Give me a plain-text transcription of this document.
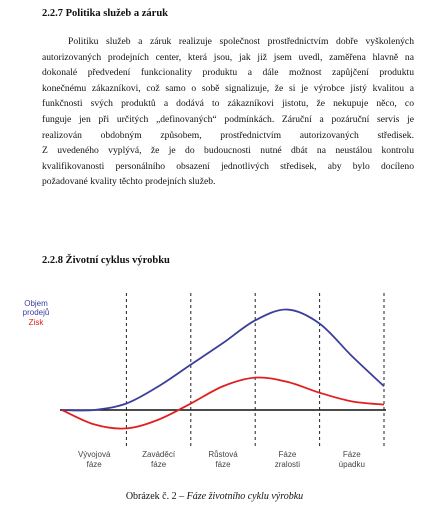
2.2.7 Politika služeb a záruk
Politiku služeb a záruk realizuje společnost prostřednictvím dobře vyškolených
autorizovaných prodejních center, která jsou, jak již jsem uvedl, zaměřena hlavně na
dokonalé předvedení funkcionality produktu a dále možnost zapůjčení produktu
konečnému zákazníkovi, což samo o sobě signalizuje, že si je výrobce jistý kvalitou a
funkčnosti svých produktů a dodává to zákazníkovi jistotu, že nekupuje něco, co
funguje jen při určitých „definovaných“ podmínkách. Záruční a pozáruční servis je
realizován obdobným způsobem, prostřednictvím autorizovaných středisek.
Z uvedeného vyplývá, že je do budoucnosti nutné dbát na neustálou kontrolu
kvalifikovanosti personálního obsazení jednotlivých středisek, aby bylo docíleno
požadované kvality těchto prodejních služeb.
2.2.8 Životní cyklus výrobku
Objem prodejů
Zisk
Vývojová fáze
Zaváděcí fáze
Růstová fáze
Fáze zralosti
Fáze úpadku
Obrázek č. 2 – Fáze životního cyklu výrobku
